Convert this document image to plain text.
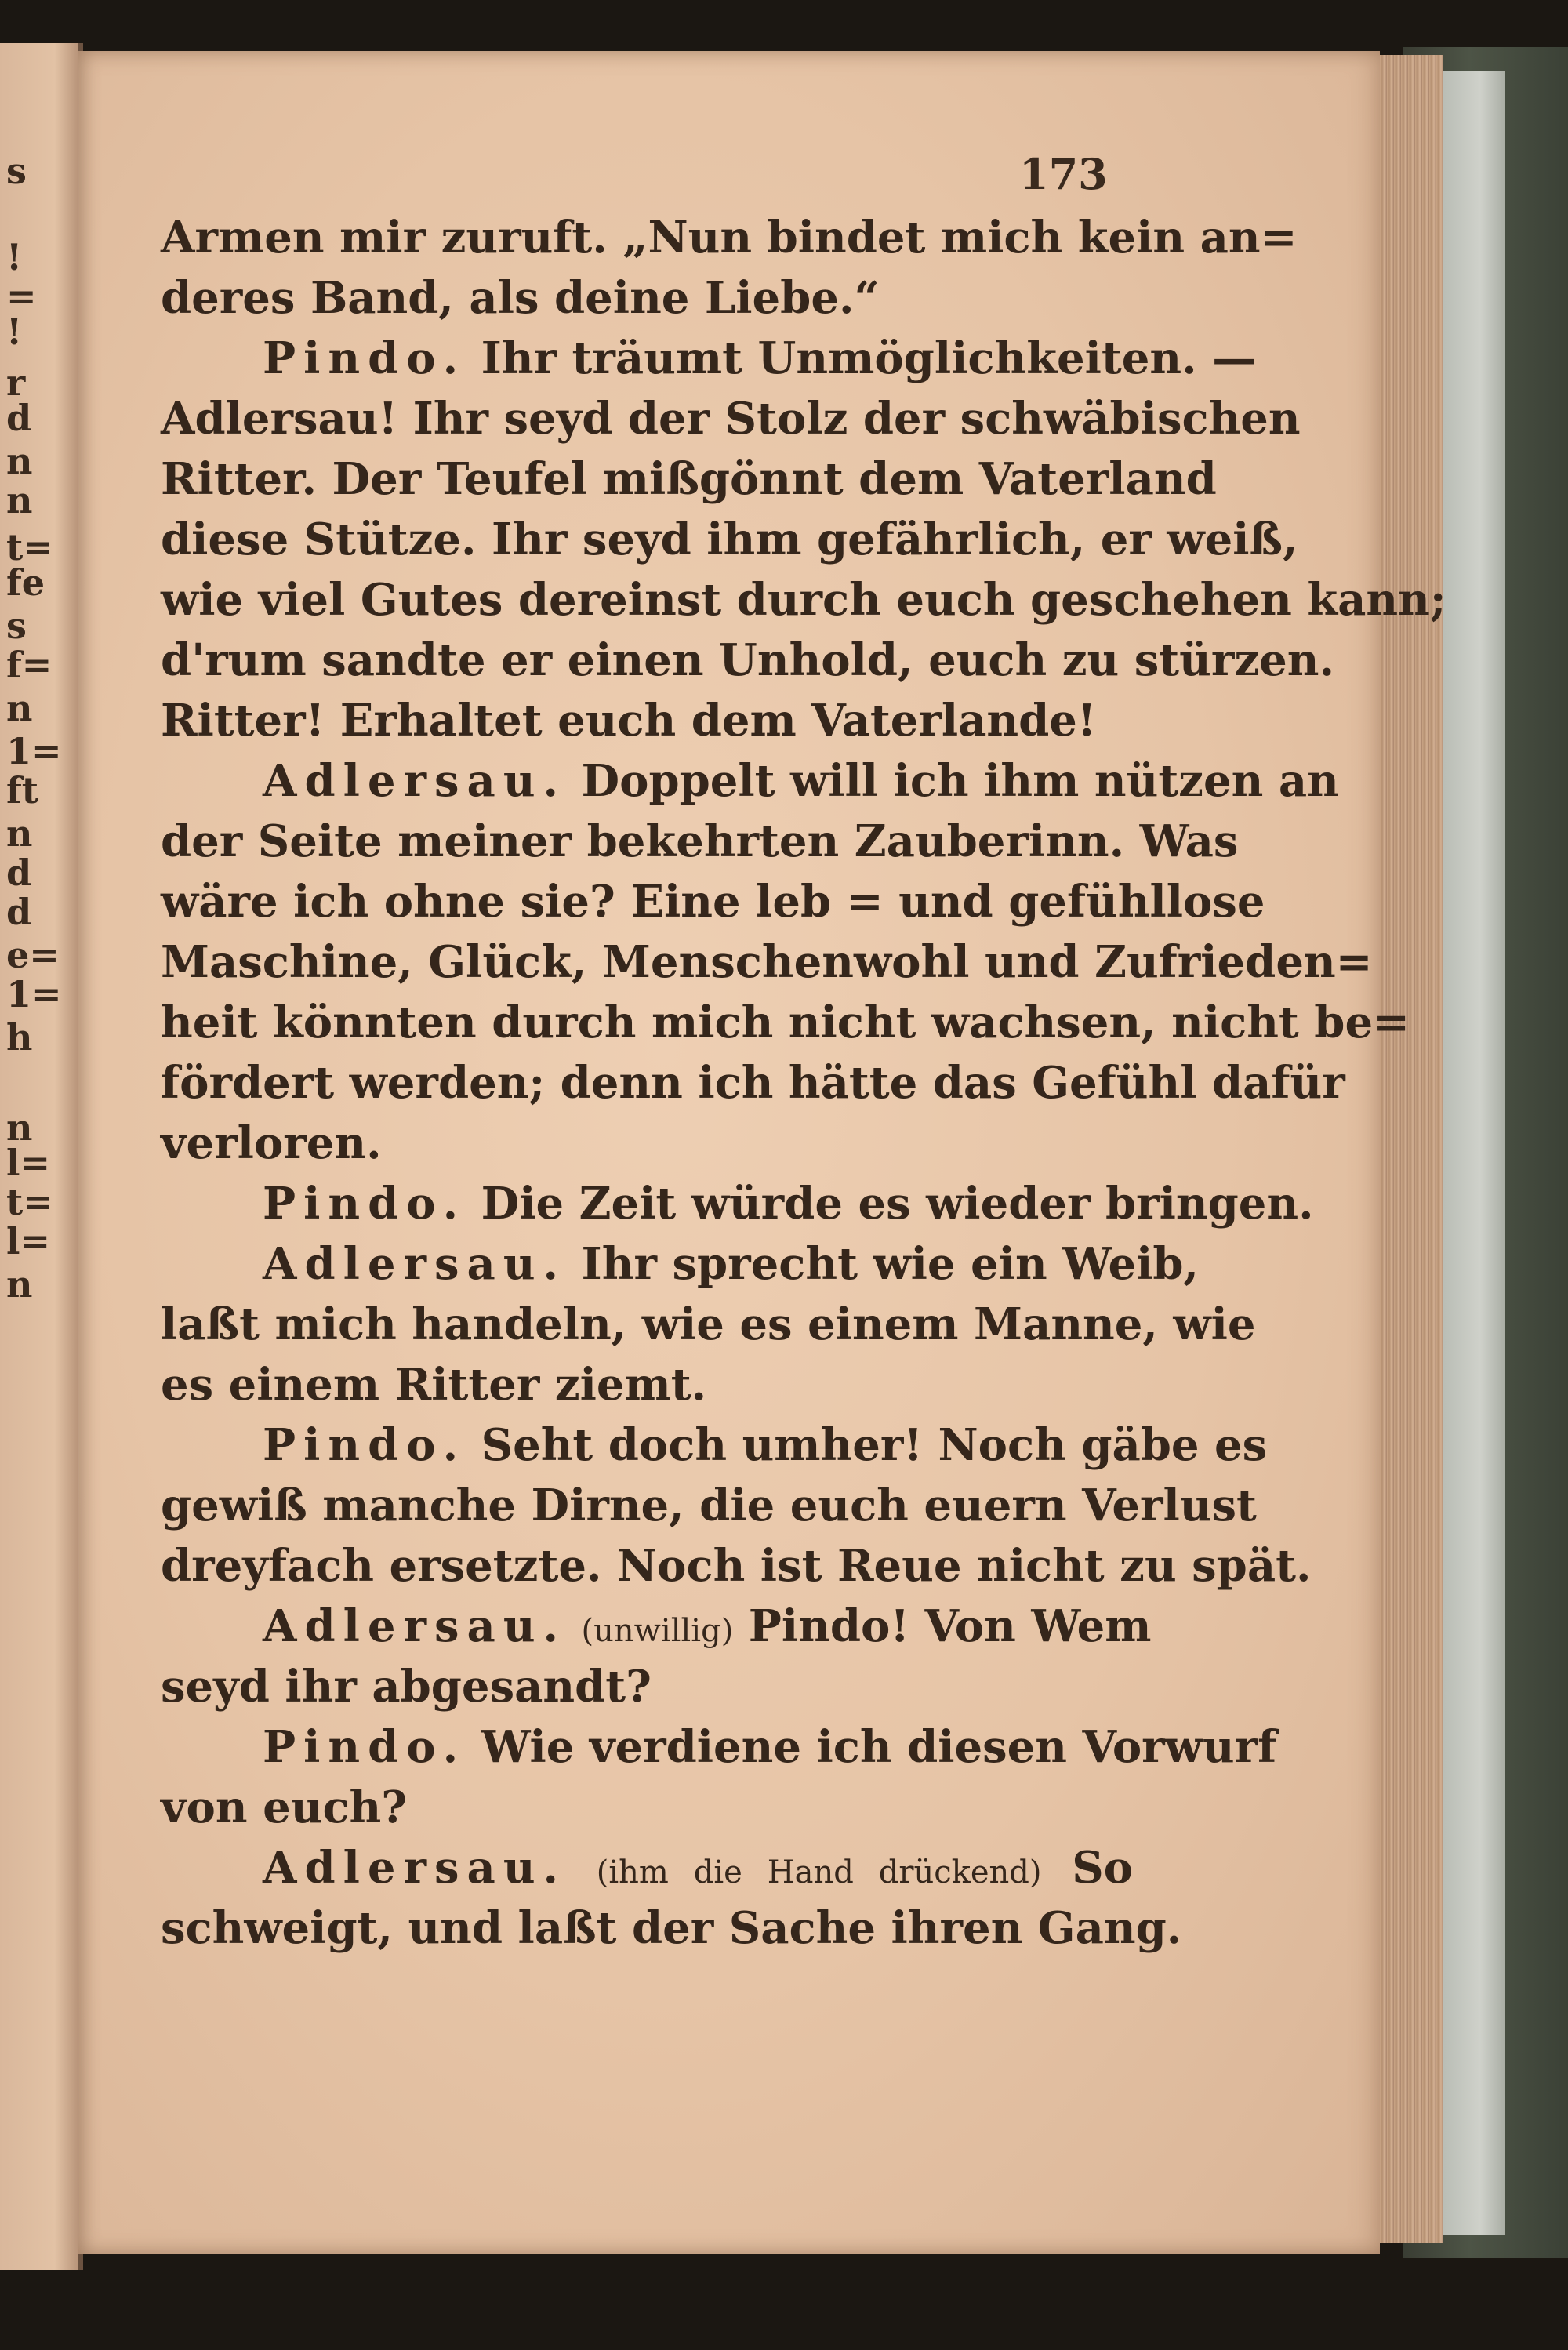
s
!
=
!
r
d
n
n
t=
fe
s
f=
n
1=
ft
n
d
d
e=
1=
h
n
l=
t=
l=
n
173
Armen mir zuruft. „Nun bindet mich kein an=
deres Band, als deine Liebe.“
Pindo. Ihr träumt Unmöglichkeiten. —
Adlersau! Ihr seyd der Stolz der schwäbischen
Ritter. Der Teufel mißgönnt dem Vaterland
diese Stütze. Ihr seyd ihm gefährlich, er weiß,
wie viel Gutes dereinst durch euch geschehen kann;
d'rum sandte er einen Unhold, euch zu stürzen.
Ritter! Erhaltet euch dem Vaterlande!
Adlersau. Doppelt will ich ihm nützen an
der Seite meiner bekehrten Zauberinn. Was
wäre ich ohne sie? Eine leb = und gefühllose
Maschine, Glück, Menschenwohl und Zufrieden=
heit könnten durch mich nicht wachsen, nicht be=
fördert werden; denn ich hätte das Gefühl dafür
verloren.
Pindo. Die Zeit würde es wieder bringen.
Adlersau. Ihr sprecht wie ein Weib,
laßt mich handeln, wie es einem Manne, wie
es einem Ritter ziemt.
Pindo. Seht doch umher! Noch gäbe es
gewiß manche Dirne, die euch euern Verlust
dreyfach ersetzte. Noch ist Reue nicht zu spät.
Adlersau. (unwillig) Pindo! Von Wem
seyd ihr abgesandt?
Pindo. Wie verdiene ich diesen Vorwurf
von euch?
Adlersau. (ihm die Hand drückend) So
schweigt, und laßt der Sache ihren Gang.
